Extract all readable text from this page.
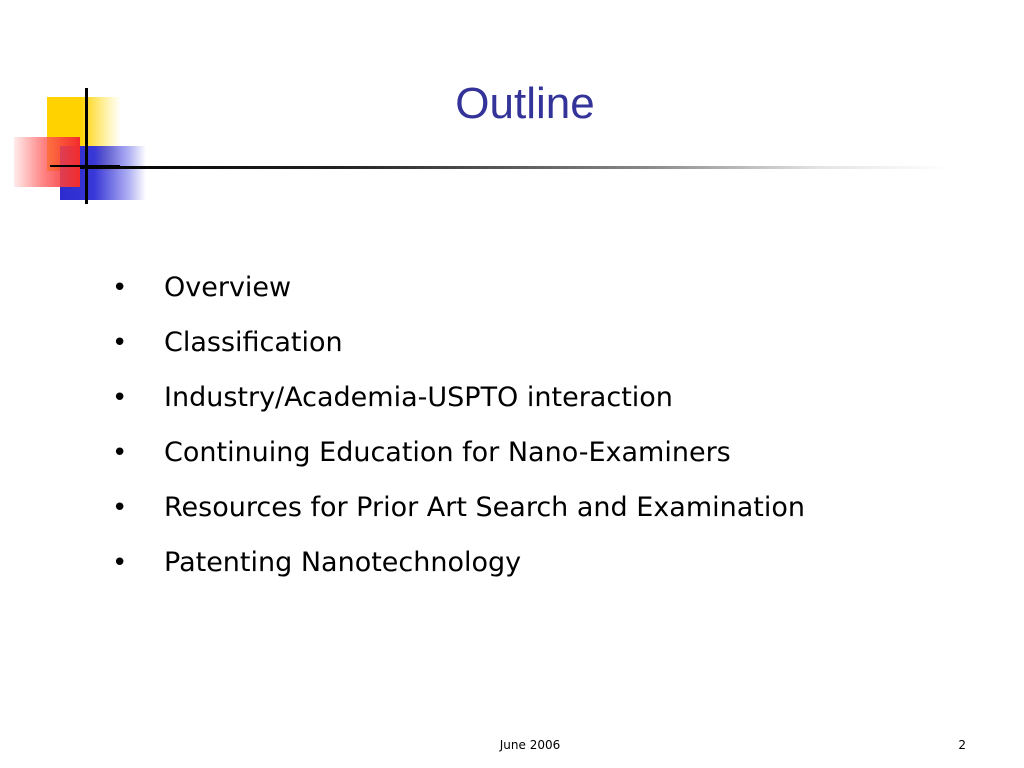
Outline
•	Overview
•	Classification
•	Industry/Academia-USPTO interaction
•	Continuing Education for Nano-Examiners
•	Resources for Prior Art Search and Examination
•	Patenting Nanotechnology
June 2006	2
